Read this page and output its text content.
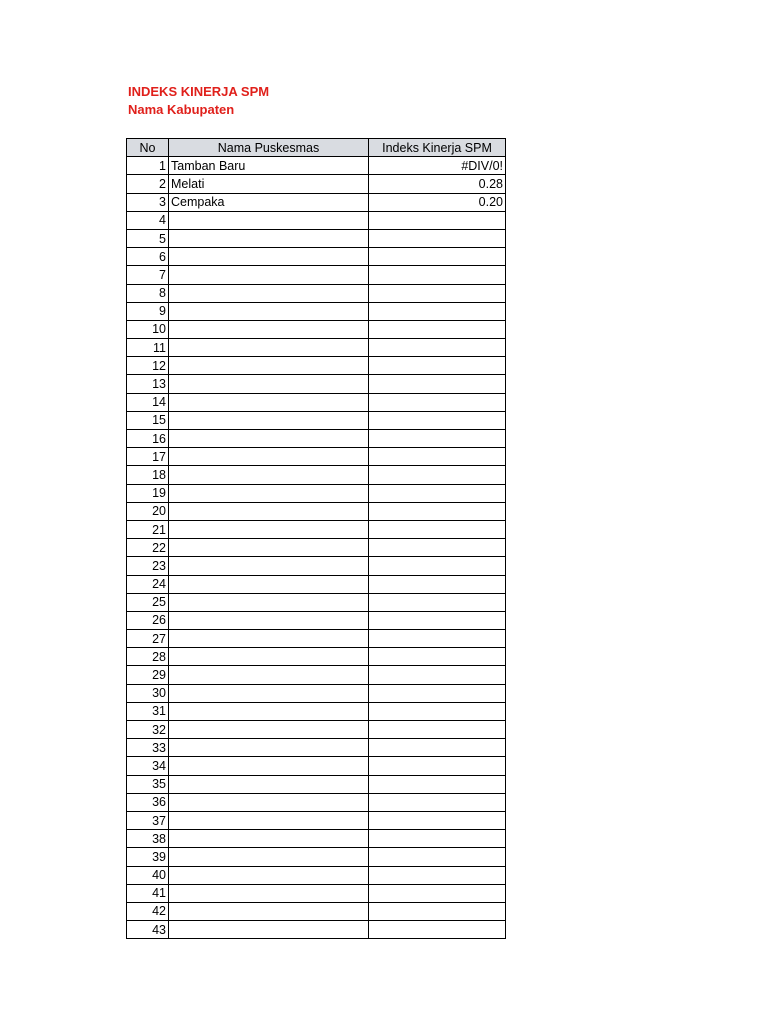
INDEKS KINERJA SPM
Nama Kabupaten
No	Nama Puskesmas	Indeks Kinerja SPM
1	Tamban Baru	#DIV/0!
2	Melati	0.28
3	Cempaka	0.20
4		
5		
6		
7		
8		
9		
10		
11		
12		
13		
14		
15		
16		
17		
18		
19		
20		
21		
22		
23		
24		
25		
26		
27		
28		
29		
30		
31		
32		
33		
34		
35		
36		
37		
38		
39		
40		
41		
42		
43		
